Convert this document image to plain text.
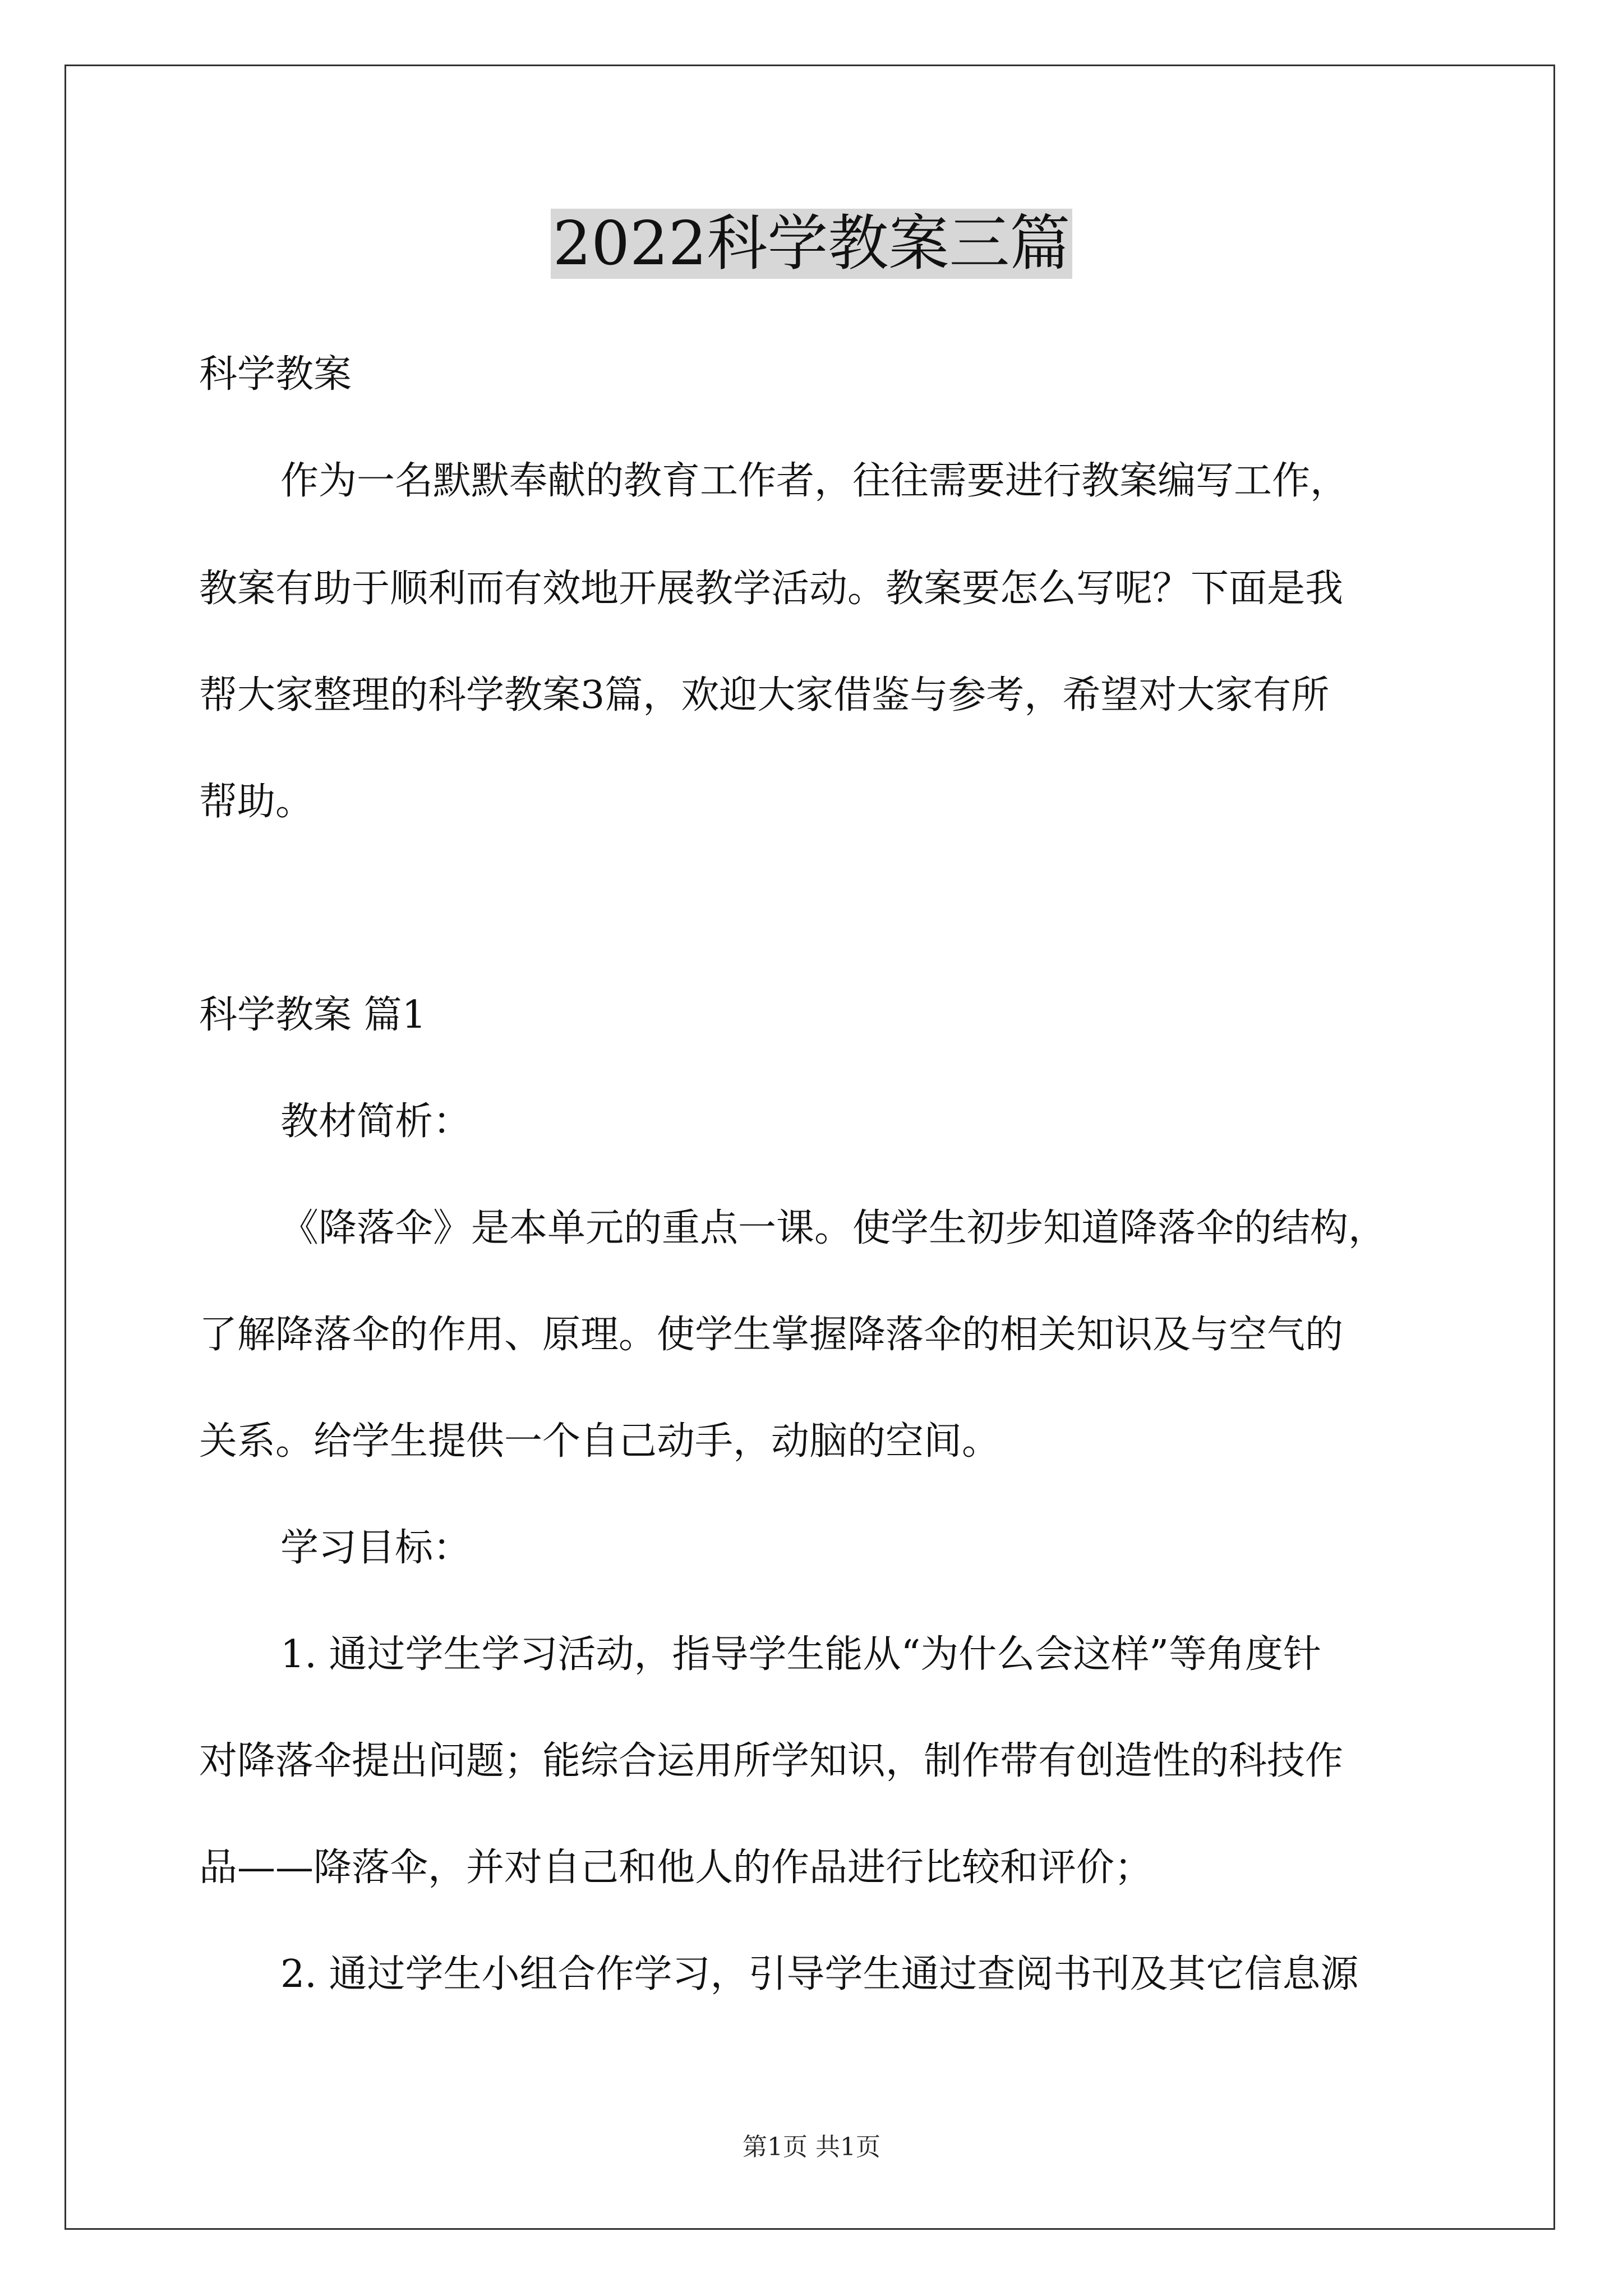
2022科学教案三篇
科学教案
作为一名默默奉献的教育工作者，往往需要进行教案编写工作，
教案有助于顺利而有效地开展教学活动。教案要怎么写呢？下面是我
帮大家整理的科学教案3篇，欢迎大家借鉴与参考，希望对大家有所
帮助。
科学教案 篇1
教材简析：
《降落伞》是本单元的重点一课。使学生初步知道降落伞的结构，
了解降落伞的作用、原理。使学生掌握降落伞的相关知识及与空气的
关系。给学生提供一个自己动手，动脑的空间。
学习目标：
1. 通过学生学习活动，指导学生能从“为什么会这样”等角度针
对降落伞提出问题；能综合运用所学知识，制作带有创造性的科技作
品——降落伞，并对自己和他人的作品进行比较和评价；
2. 通过学生小组合作学习，引导学生通过查阅书刊及其它信息源
第1页 共1页
